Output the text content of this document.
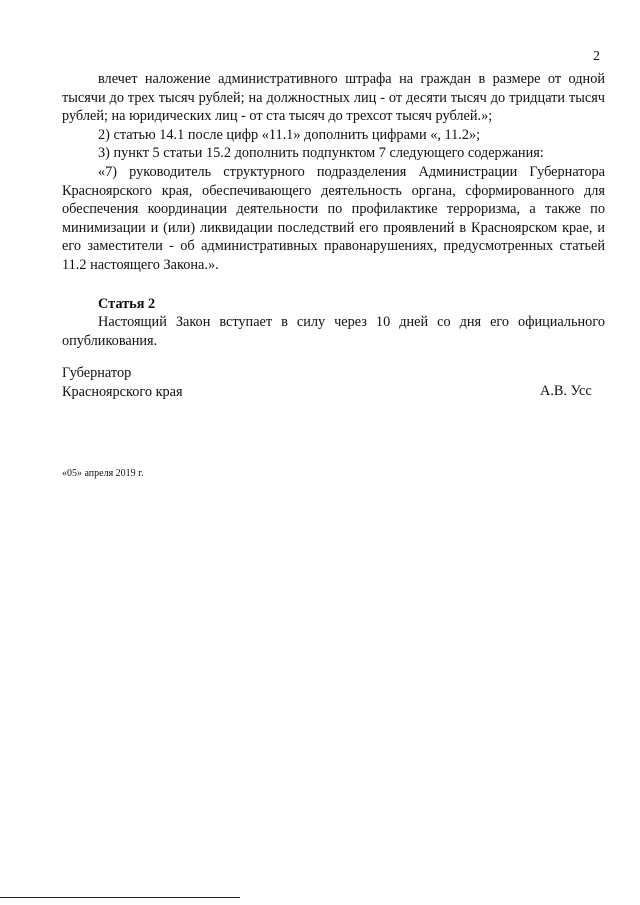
2

влечет наложение административного штрафа на граждан в размере от одной тысячи до трех тысяч рублей; на должностных лиц - от десяти тысяч до тридцати тысяч рублей; на юридических лиц - от ста тысяч до трехсот тысяч рублей.»;

2) статью 14.1 после цифр «11.1» дополнить цифрами «, 11.2»;

3) пункт 5 статьи 15.2 дополнить подпунктом 7 следующего содержания:

«7) руководитель структурного подразделения Администрации Губернатора Красноярского края, обеспечивающего деятельность органа, сформированного для обеспечения координации деятельности по профилактике терроризма, а также по минимизации и (или) ликвидации последствий его проявлений в Красноярском крае, и его заместители - об административных правонарушениях, предусмотренных статьей 11.2 настоящего Закона.».

Статья 2

Настоящий Закон вступает в силу через 10 дней со дня его официального опубликования.

Губернатор
Красноярского края	А.В. Усс
«05» апреля 2019 г.
